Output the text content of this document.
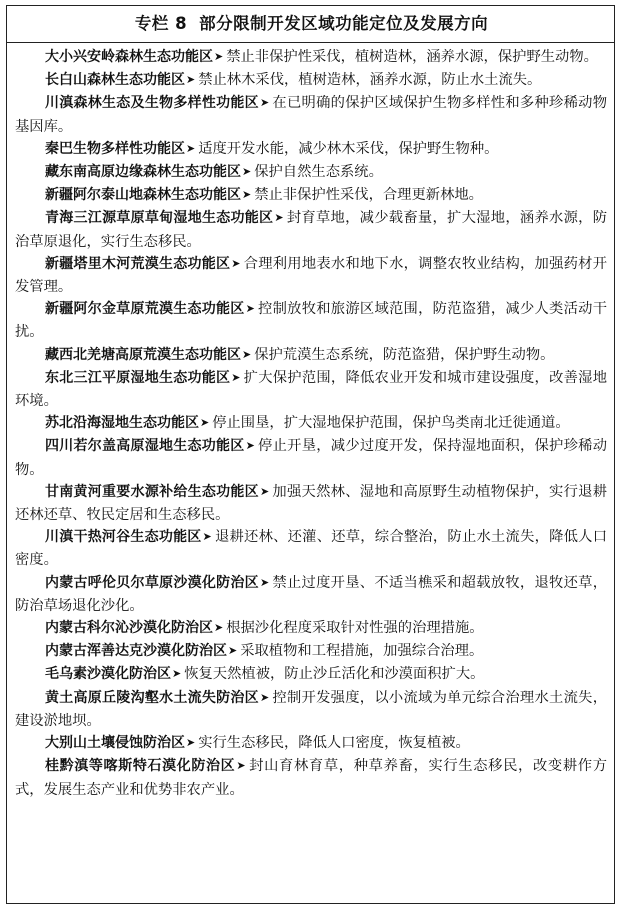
专栏 8 部分限制开发区域功能定位及发展方向

大小兴安岭森林生态功能区➤ 禁止非保护性采伐，植树造林，涵养水源，保护野生动物。

长白山森林生态功能区➤ 禁止林木采伐，植树造林，涵养水源，防止水土流失。

川滇森林生态及生物多样性功能区➤ 在已明确的保护区域保护生物多样性和多种珍稀动物基因库。

秦巴生物多样性功能区➤ 适度开发水能，减少林木采伐，保护野生物种。

藏东南高原边缘森林生态功能区➤ 保护自然生态系统。

新疆阿尔泰山地森林生态功能区➤ 禁止非保护性采伐，合理更新林地。

青海三江源草原草甸湿地生态功能区➤ 封育草地，减少载畜量，扩大湿地，涵养水源，防治草原退化，实行生态移民。

新疆塔里木河荒漠生态功能区➤ 合理利用地表水和地下水，调整农牧业结构，加强药材开发管理。

新疆阿尔金草原荒漠生态功能区➤ 控制放牧和旅游区域范围，防范盗猎，减少人类活动干扰。

藏西北羌塘高原荒漠生态功能区➤ 保护荒漠生态系统，防范盗猎，保护野生动物。

东北三江平原湿地生态功能区➤ 扩大保护范围，降低农业开发和城市建设强度，改善湿地环境。

苏北沿海湿地生态功能区➤ 停止围垦，扩大湿地保护范围，保护鸟类南北迁徙通道。

四川若尔盖高原湿地生态功能区➤ 停止开垦，减少过度开发，保持湿地面积，保护珍稀动物。

甘南黄河重要水源补给生态功能区➤ 加强天然林、湿地和高原野生动植物保护，实行退耕还林还草、牧民定居和生态移民。

川滇干热河谷生态功能区➤ 退耕还林、还灌、还草，综合整治，防止水土流失，降低人口密度。

内蒙古呼伦贝尔草原沙漠化防治区➤ 禁止过度开垦、不适当樵采和超载放牧，退牧还草，防治草场退化沙化。

内蒙古科尔沁沙漠化防治区➤ 根据沙化程度采取针对性强的治理措施。

内蒙古浑善达克沙漠化防治区➤ 采取植物和工程措施，加强综合治理。

毛乌素沙漠化防治区➤ 恢复天然植被，防止沙丘活化和沙漠面积扩大。

黄土高原丘陵沟壑水土流失防治区➤ 控制开发强度，以小流域为单元综合治理水土流失，建设淤地坝。

大别山土壤侵蚀防治区➤ 实行生态移民，降低人口密度，恢复植被。

桂黔滇等喀斯特石漠化防治区➤ 封山育林育草，种草养畜，实行生态移民，改变耕作方式，发展生态产业和优势非农产业。
